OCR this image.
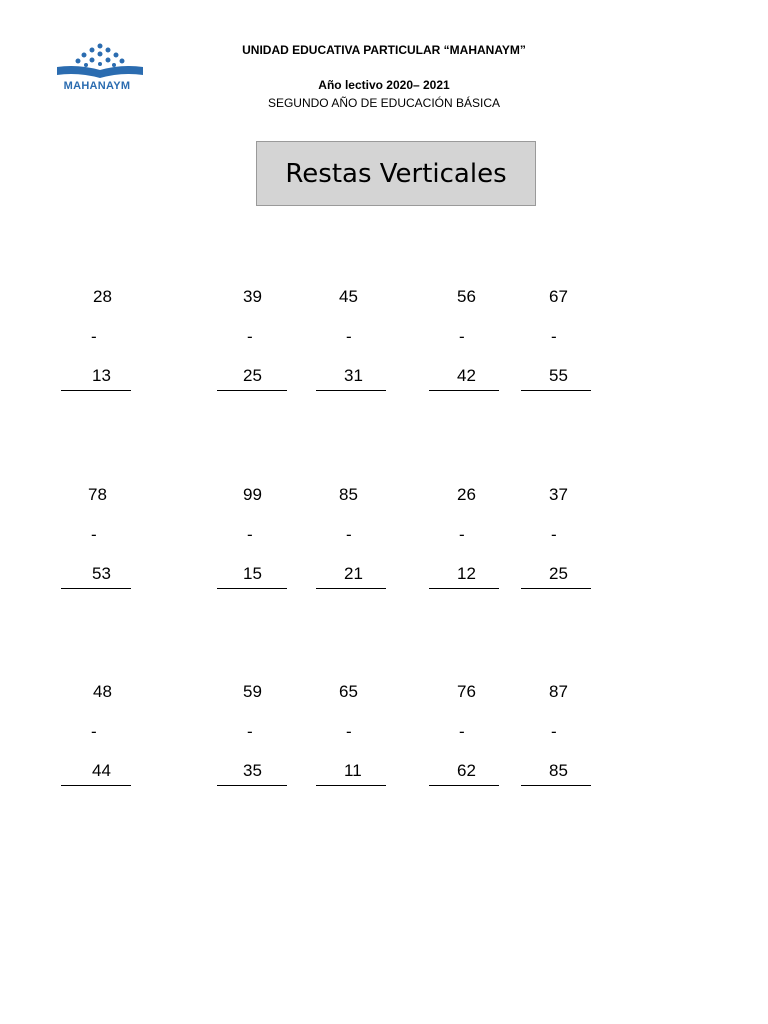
MAHANAYM
UNIDAD EDUCATIVA PARTICULAR “MAHANAYM”
Año lectivo 2020– 2021
SEGUNDO AÑO DE EDUCACIÓN BÁSICA
Restas Verticales
28
-
13
39
-
25
45
-
31
56
-
42
67
-
55
78
-
53
99
-
15
85
-
21
26
-
12
37
-
25
48
-
44
59
-
35
65
-
11
76
-
62
87
-
85
